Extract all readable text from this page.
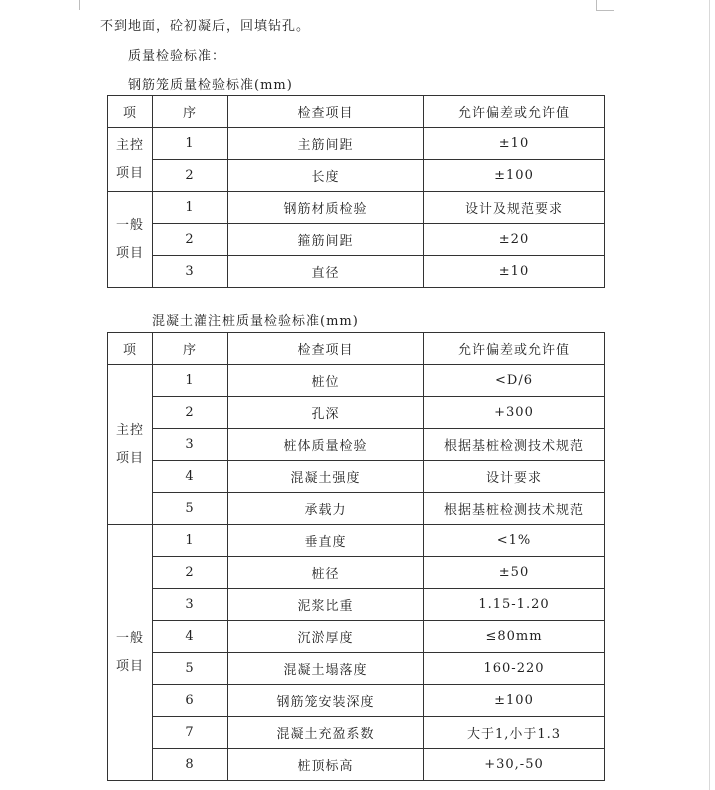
不到地面，砼初凝后，回填钻孔。
质量检验标准：
钢筋笼质量检验标准(mm)
项	序	检查项目	允许偏差或允许值

主控
项目	1	主筋间距	±10
	2	长度	±100

一般
项目	1	钢筋材质检验	设计及规范要求
	2	箍筋间距	±20
	3	直径	±10
混凝土灌注桩质量检验标准(mm)
项	序	检查项目	允许偏差或允许值

主控
项目	1	桩位	<D/6
	2	孔深	+300
	3	桩体质量检验	根据基桩检测技术规范
	4	混凝土强度	设计要求
	5	承载力	根据基桩检测技术规范

一般
项目	1	垂直度	<1%
	2	桩径	±50
	3	泥浆比重	1.15-1.20
	4	沉淤厚度	≤80mm
	5	混凝土塌落度	160-220
	6	钢筋笼安装深度	±100
	7	混凝土充盈系数	大于1,小于1.3
	8	桩顶标高	+30,-50
